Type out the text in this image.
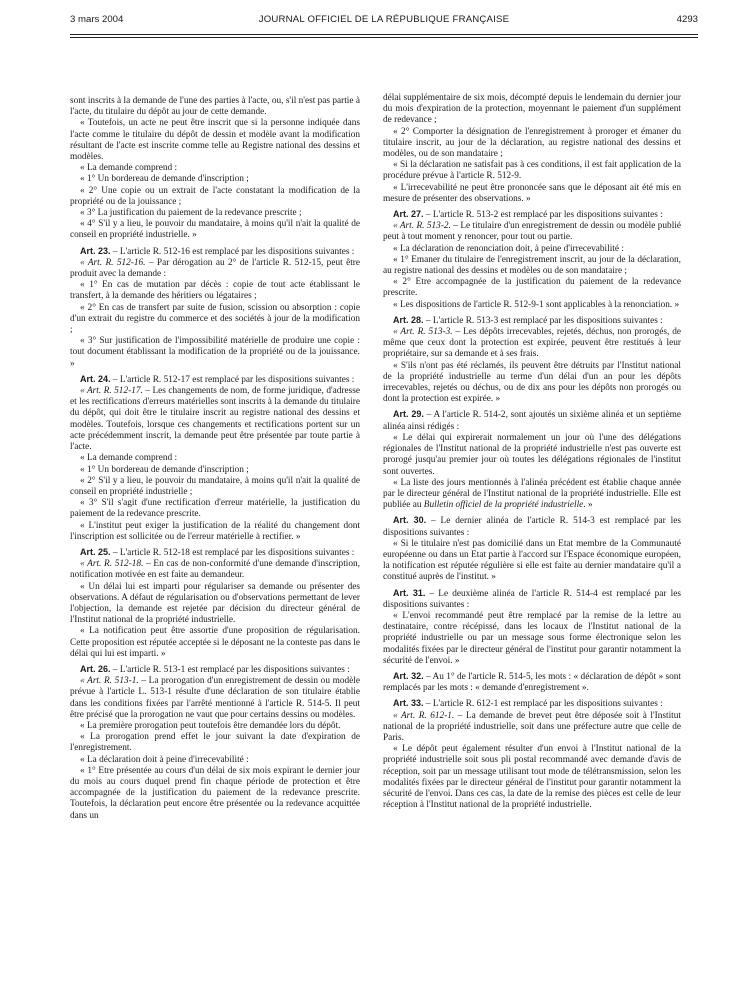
3 mars 2004	JOURNAL OFFICIEL DE LA RÉPUBLIQUE FRANÇAISE	4293

sont inscrits à la demande de l'une des parties à l'acte, ou, s'il n'est pas partie à l'acte, du titulaire du dépôt au jour de cette demande.

« Toutefois, un acte ne peut être inscrit que si la personne indiquée dans l'acte comme le titulaire du dépôt de dessin et modèle avant la modification résultant de l'acte est inscrite comme telle au Registre national des dessins et modèles.

« La demande comprend :

« 1° Un bordereau de demande d'inscription ;

« 2° Une copie ou un extrait de l'acte constatant la modification de la propriété ou de la jouissance ;

« 3° La justification du paiement de la redevance prescrite ;

« 4° S'il y a lieu, le pouvoir du mandataire, à moins qu'il n'ait la qualité de conseil en propriété industrielle. »

Art. 23. – L'article R. 512-16 est remplacé par les dispositions suivantes :

« Art. R. 512-16. – Par dérogation au 2° de l'article R. 512-15, peut être produit avec la demande :

« 1° En cas de mutation par décès : copie de tout acte établissant le transfert, à la demande des héritiers ou légataires ;

« 2° En cas de transfert par suite de fusion, scission ou absorption : copie d'un extrait du registre du commerce et des sociétés à jour de la modification ;

« 3° Sur justification de l'impossibilité matérielle de produire une copie : tout document établissant la modification de la propriété ou de la jouissance. »

Art. 24. – L'article R. 512-17 est remplacé par les dispositions suivantes :

« Art. R. 512-17. – Les changements de nom, de forme juridique, d'adresse et les rectifications d'erreurs matérielles sont inscrits à la demande du titulaire du dépôt, qui doit être le titulaire inscrit au registre national des dessins et modèles. Toutefois, lorsque ces changements et rectifications portent sur un acte précédemment inscrit, la demande peut être présentée par toute partie à l'acte.

« La demande comprend :

« 1° Un bordereau de demande d'inscription ;

« 2° S'il y a lieu, le pouvoir du mandataire, à moins qu'il n'ait la qualité de conseil en propriété industrielle ;

« 3° S'il s'agit d'une rectification d'erreur matérielle, la justification du paiement de la redevance prescrite.

« L'institut peut exiger la justification de la réalité du changement dont l'inscription est sollicitée ou de l'erreur matérielle à rectifier. »

Art. 25. – L'article R. 512-18 est remplacé par les dispositions suivantes :

« Art. R. 512-18. – En cas de non-conformité d'une demande d'inscription, notification motivée en est faite au demandeur.

« Un délai lui est imparti pour régulariser sa demande ou présenter des observations. A défaut de régularisation ou d'observations permettant de lever l'objection, la demande est rejetée par décision du directeur général de l'Institut national de la propriété industrielle.

« La notification peut être assortie d'une proposition de régularisation. Cette proposition est réputée acceptée si le déposant ne la conteste pas dans le délai qui lui est imparti. »

Art. 26. – L'article R. 513-1 est remplacé par les dispositions suivantes :

« Art. R. 513-1. – La prorogation d'un enregistrement de dessin ou modèle prévue à l'article L. 513-1 résulte d'une déclaration de son titulaire établie dans les conditions fixées par l'arrêté mentionné à l'article R. 514-5. Il peut être précisé que la prorogation ne vaut que pour certains dessins ou modèles.

« La première prorogation peut toutefois être demandée lors du dépôt.

« La prorogation prend effet le jour suivant la date d'expiration de l'enregistrement.

« La déclaration doit à peine d'irrecevabilité :

« 1° Etre présentée au cours d'un délai de six mois expirant le dernier jour du mois au cours duquel prend fin chaque période de protection et être accompagnée de la justification du paiement de la redevance prescrite. Toutefois, la déclaration peut encore être présentée ou la redevance acquittée dans un

délai supplémentaire de six mois, décompté depuis le lendemain du dernier jour du mois d'expiration de la protection, moyennant le paiement d'un supplément de redevance ;

« 2° Comporter la désignation de l'enregistrement à proroger et émaner du titulaire inscrit, au jour de la déclaration, au registre national des dessins et modèles, ou de son mandataire ;

« Si la déclaration ne satisfait pas à ces conditions, il est fait application de la procédure prévue à l'article R. 512-9.

« L'irrecevabilité ne peut être prononcée sans que le déposant ait été mis en mesure de présenter des observations. »

Art. 27. – L'article R. 513-2 est remplacé par les dispositions suivantes :

« Art. R. 513-2. – Le titulaire d'un enregistrement de dessin ou modèle publié peut à tout moment y renoncer, pour tout ou partie.

« La déclaration de renonciation doit, à peine d'irrecevabilité :

« 1° Emaner du titulaire de l'enregistrement inscrit, au jour de la déclaration, au registre national des dessins et modèles ou de son mandataire ;

« 2° Etre accompagnée de la justification du paiement de la redevance prescrite.

« Les dispositions de l'article R. 512-9-1 sont applicables à la renonciation. »

Art. 28. – L'article R. 513-3 est remplacé par les dispositions suivantes :

« Art. R. 513-3. – Les dépôts irrecevables, rejetés, déchus, non prorogés, de même que ceux dont la protection est expirée, peuvent être restitués à leur propriétaire, sur sa demande et à ses frais.

« S'ils n'ont pas été réclamés, ils peuvent être détruits par l'Institut national de la propriété industrielle au terme d'un délai d'un an pour les dépôts irrecevables, rejetés ou déchus, ou de dix ans pour les dépôts non prorogés ou dont la protection est expirée. »

Art. 29. – A l'article R. 514-2, sont ajoutés un sixième alinéa et un septième alinéa ainsi rédigés :

« Le délai qui expirerait normalement un jour où l'une des délégations régionales de l'Institut national de la propriété industrielle n'est pas ouverte est prorogé jusqu'au premier jour où toutes les délégations régionales de l'institut sont ouvertes.

« La liste des jours mentionnés à l'alinéa précédent est établie chaque année par le directeur général de l'Institut national de la propriété industrielle. Elle est publiée au Bulletin officiel de la propriété industrielle. »

Art. 30. – Le dernier alinéa de l'article R. 514-3 est remplacé par les dispositions suivantes :

« Si le titulaire n'est pas domicilié dans un Etat membre de la Communauté européenne ou dans un Etat partie à l'accord sur l'Espace économique européen, la notification est réputée régulière si elle est faite au dernier mandataire qu'il a constitué auprès de l'institut. »

Art. 31. – Le deuxième alinéa de l'article R. 514-4 est remplacé par les dispositions suivantes :

« L'envoi recommandé peut être remplacé par la remise de la lettre au destinataire, contre récépissé, dans les locaux de l'Institut national de la propriété industrielle ou par un message sous forme électronique selon les modalités fixées par le directeur général de l'institut pour garantir notamment la sécurité de l'envoi. »

Art. 32. – Au 1° de l'article R. 514-5, les mots : « déclaration de dépôt » sont remplacés par les mots : « demande d'enregistrement ».

Art. 33. – L'article R. 612-1 est remplacé par les dispositions suivantes :

« Art. R. 612-1. – La demande de brevet peut être déposée soit à l'Institut national de la propriété industrielle, soit dans une préfecture autre que celle de Paris.

« Le dépôt peut également résulter d'un envoi à l'Institut national de la propriété industrielle soit sous pli postal recommandé avec demande d'avis de réception, soit par un message utilisant tout mode de télétransmission, selon les modalités fixées par le directeur général de l'institut pour garantir notamment la sécurité de l'envoi. Dans ces cas, la date de la remise des pièces est celle de leur réception à l'Institut national de la propriété industrielle.
